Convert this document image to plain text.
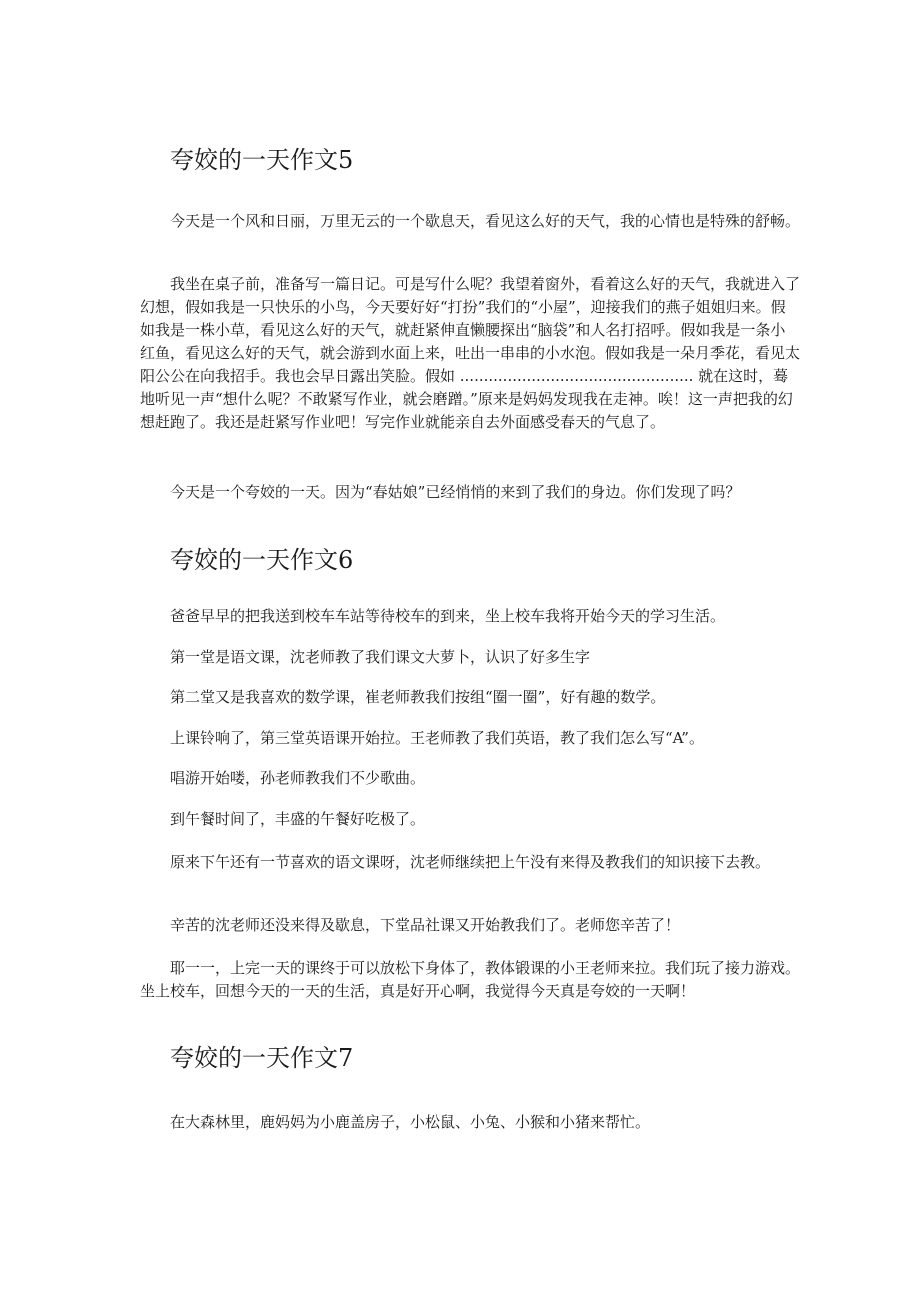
夸姣的一天作文5

今天是一个风和日丽，万里无云的一个歇息天，看见这么好的天气，我的心情也是特殊的舒畅。

我坐在桌子前，准备写一篇日记。可是写什么呢？我望着窗外，看着这么好的天气，我就进入了幻想，假如我是一只快乐的小鸟，今天要好好“打扮”我们的“小屋”，迎接我们的燕子姐姐归来。假如我是一株小草，看见这么好的天气，就赶紧伸直懒腰探出“脑袋”和人名打招呼。假如我是一条小红鱼，看见这么好的天气，就会游到水面上来，吐出一串串的小水泡。假如我是一朵月季花，看见太阳公公在向我招手。我也会早日露出笑脸。假如 ................................................. 就在这时，蓦地听见一声“想什么呢？不敢紧写作业，就会磨蹭。”原来是妈妈发现我在走神。唉！这一声把我的幻想赶跑了。我还是赶紧写作业吧！写完作业就能亲自去外面感受春天的气息了。

今天是一个夸姣的一天。因为“春姑娘”已经悄悄的来到了我们的身边。你们发现了吗？

夸姣的一天作文6

爸爸早早的把我送到校车车站等待校车的到来，坐上校车我将开始今天的学习生活。

第一堂是语文课，沈老师教了我们课文大萝卜，认识了好多生字

第二堂又是我喜欢的数学课，崔老师教我们按组“圈一圈”，好有趣的数学。

上课铃响了，第三堂英语课开始拉。王老师教了我们英语，教了我们怎么写“A”。

唱游开始喽，孙老师教我们不少歌曲。

到午餐时间了，丰盛的午餐好吃极了。

原来下午还有一节喜欢的语文课呀，沈老师继续把上午没有来得及教我们的知识接下去教。

辛苦的沈老师还没来得及歇息，下堂品社课又开始教我们了。老师您辛苦了！

耶一一，上完一天的课终于可以放松下身体了，教体锻课的小王老师来拉。我们玩了接力游戏。坐上校车，回想今天的一天的生活，真是好开心啊，我觉得今天真是夸姣的一天啊！

夸姣的一天作文7

在大森林里，鹿妈妈为小鹿盖房子，小松鼠、小兔、小猴和小猪来帮忙。
